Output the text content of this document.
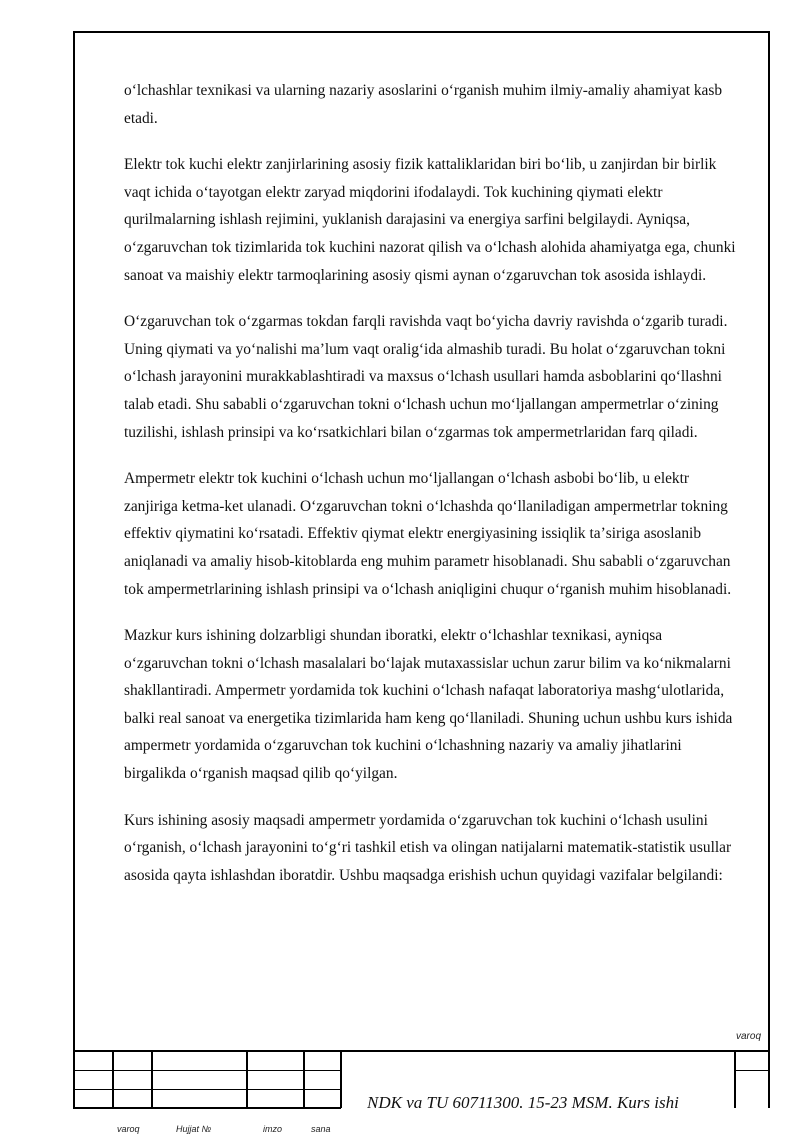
oʻlchashlar texnikasi va ularning nazariy asoslarini oʻrganish muhim ilmiy-amaliy ahamiyat kasb etadi.

Elektr tok kuchi elektr zanjirlarining asosiy fizik kattaliklaridan biri boʻlib, u zanjirdan bir birlik vaqt ichida oʻtayotgan elektr zaryad miqdorini ifodalaydi. Tok kuchining qiymati elektr qurilmalarning ishlash rejimini, yuklanish darajasini va energiya sarfini belgilaydi. Ayniqsa, oʻzgaruvchan tok tizimlarida tok kuchini nazorat qilish va oʻlchash alohida ahamiyatga ega, chunki sanoat va maishiy elektr tarmoqlarining asosiy qismi aynan oʻzgaruvchan tok asosida ishlaydi.

Oʻzgaruvchan tok oʻzgarmas tokdan farqli ravishda vaqt boʻyicha davriy ravishda oʻzgarib turadi. Uning qiymati va yoʻnalishi maʼlum vaqt oraligʻida almashib turadi. Bu holat oʻzgaruvchan tokni oʻlchash jarayonini murakkablashtiradi va maxsus oʻlchash usullari hamda asboblarini qoʻllashni talab etadi. Shu sababli oʻzgaruvchan tokni oʻlchash uchun moʻljallangan ampermetrlar oʻzining tuzilishi, ishlash prinsipi va koʻrsatkichlari bilan oʻzgarmas tok ampermetrlaridan farq qiladi.

Ampermetr elektr tok kuchini oʻlchash uchun moʻljallangan oʻlchash asbobi boʻlib, u elektr zanjiriga ketma-ket ulanadi. Oʻzgaruvchan tokni oʻlchashda qoʻllaniladigan ampermetrlar tokning effektiv qiymatini koʻrsatadi. Effektiv qiymat elektr energiyasining issiqlik taʼsiriga asoslanib aniqlanadi va amaliy hisob-kitoblarda eng muhim parametr hisoblanadi. Shu sababli oʻzgaruvchan tok ampermetrlarining ishlash prinsipi va oʻlchash aniqligini chuqur oʻrganish muhim hisoblanadi.

Mazkur kurs ishining dolzarbligi shundan iboratki, elektr oʻlchashlar texnikasi, ayniqsa oʻzgaruvchan tokni oʻlchash masalalari boʻlajak mutaxassislar uchun zarur bilim va koʻnikmalarni shakllantiradi. Ampermetr yordamida tok kuchini oʻlchash nafaqat laboratoriya mashgʻulotlarida, balki real sanoat va energetika tizimlarida ham keng qoʻllaniladi. Shuning uchun ushbu kurs ishida ampermetr yordamida oʻzgaruvchan tok kuchini oʻlchashning nazariy va amaliy jihatlarini birgalikda oʻrganish maqsad qilib qoʻyilgan.

Kurs ishining asosiy maqsadi ampermetr yordamida oʻzgaruvchan tok kuchini oʻlchash usulini oʻrganish, oʻlchash jarayonini toʻgʻri tashkil etish va olingan natijalarni matematik-statistik usullar asosida qayta ishlashdan iboratdir. Ushbu maqsadga erishish uchun quyidagi vazifalar belgilandi:

varoq
NDK va TU 60711300. 15-23 MSM. Kurs ishi
varoq	Hujjat №	imzo	sana
